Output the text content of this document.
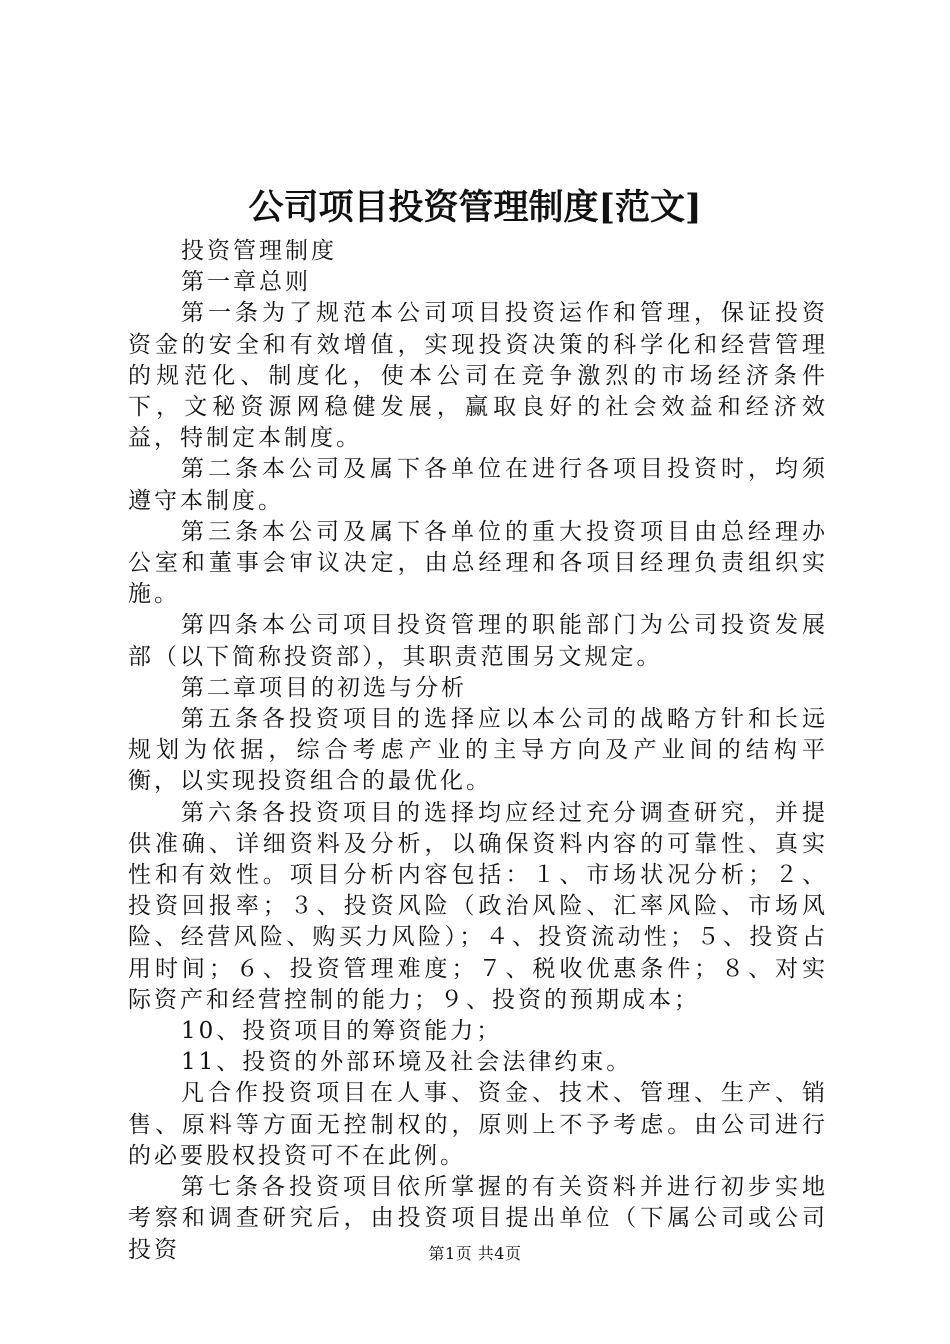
公司项目投资管理制度[范文]

投资管理制度

第一章总则

第一条为了规范本公司项目投资运作和管理，保证投资资金的安全和有效增值，实现投资决策的科学化和经营管理的规范化、制度化，使本公司在竞争激烈的市场经济条件下，文秘资源网稳健发展，赢取良好的社会效益和经济效益，特制定本制度。

第二条本公司及属下各单位在进行各项目投资时，均须遵守本制度。

第三条本公司及属下各单位的重大投资项目由总经理办公室和董事会审议决定，由总经理和各项目经理负责组织实施。

第四条本公司项目投资管理的职能部门为公司投资发展部（以下简称投资部），其职责范围另文规定。

第二章项目的初选与分析

第五条各投资项目的选择应以本公司的战略方针和长远规划为依据，综合考虑产业的主导方向及产业间的结构平衡，以实现投资组合的最优化。

第六条各投资项目的选择均应经过充分调查研究，并提供准确、详细资料及分析，以确保资料内容的可靠性、真实性和有效性。项目分析内容包括：１、市场状况分析；２、投资回报率；３、投资风险（政治风险、汇率风险、市场风险、经营风险、购买力风险）；４、投资流动性；５、投资占用时间；６、投资管理难度；７、税收优惠条件；８、对实际资产和经营控制的能力；９、投资的预期成本；

10、投资项目的筹资能力；

11、投资的外部环境及社会法律约束。

凡合作投资项目在人事、资金、技术、管理、生产、销售、原料等方面无控制权的，原则上不予考虑。由公司进行的必要股权投资可不在此例。

第七条各投资项目依所掌握的有关资料并进行初步实地考察和调查研究后，由投资项目提出单位（下属公司或公司投资	第1页 共4页
